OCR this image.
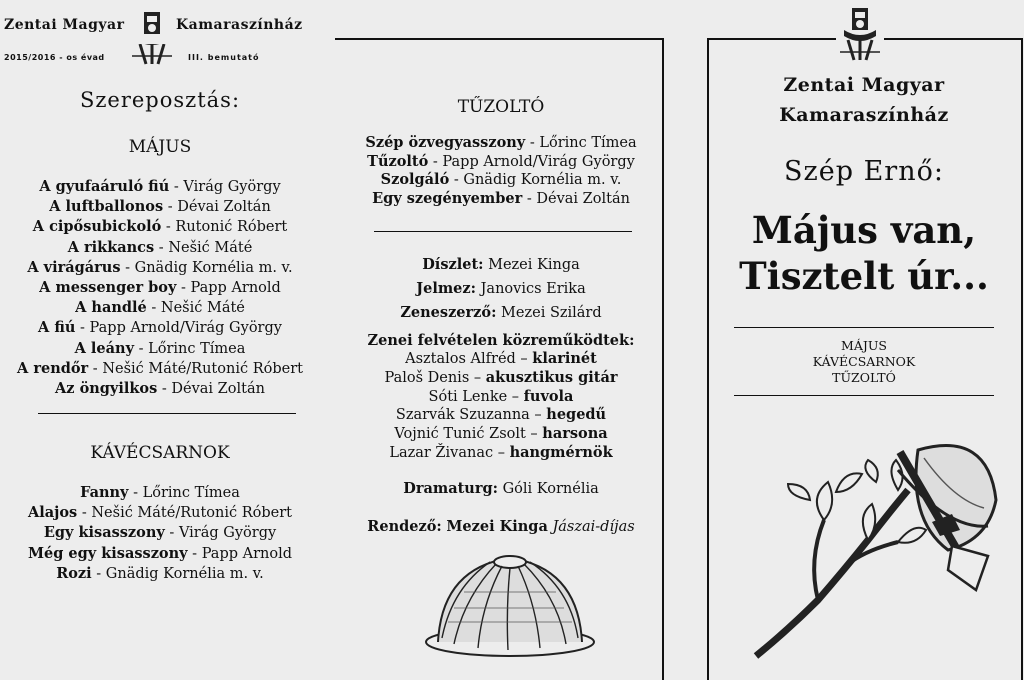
Zentai Magyar	Kamaraszínház
2015/2016 - os évad	III. bemutató
Szereposztás:
MÁJUS
A gyufaáruló fiú - Virág György
A luftballonos - Dévai Zoltán
A cipősubickoló - Rutonić Róbert
A rikkancs - Nešić Máté
A virágárus - Gnädig Kornélia m. v.
A messenger boy - Papp Arnold
A handlé - Nešić Máté
A fiú - Papp Arnold/Virág György
A leány - Lőrinc Tímea
A rendőr - Nešić Máté/Rutonić Róbert
Az öngyilkos - Dévai Zoltán
KÁVÉCSARNOK
Fanny - Lőrinc Tímea
Alajos - Nešić Máté/Rutonić Róbert
Egy kisasszony - Virág György
Még egy kisasszony - Papp Arnold
Rozi - Gnädig Kornélia m. v.
TŰZOLTÓ
Szép özvegyasszony - Lőrinc Tímea
Tűzoltó - Papp Arnold/Virág György
Szolgáló - Gnädig Kornélia m. v.
Egy szegényember - Dévai Zoltán
Díszlet: Mezei Kinga
Jelmez: Janovics Erika
Zeneszerző: Mezei Szilárd
Zenei felvételen közreműködtek:
Asztalos Alfréd – klarinét
Paloš Denis – akusztikus gitár
Sóti Lenke – fuvola
Szarvák Szuzanna – hegedű
Vojnić Tunić Zsolt – harsona
Lazar Živanac – hangmérnök
Dramaturg: Góli Kornélia
Rendező: Mezei Kinga Jászai-díjas
Zentai Magyar
Kamaraszínház
Szép Ernő:
Május van,
Tisztelt úr...
MÁJUS
KÁVÉCSARNOK
TŰZOLTÓ
